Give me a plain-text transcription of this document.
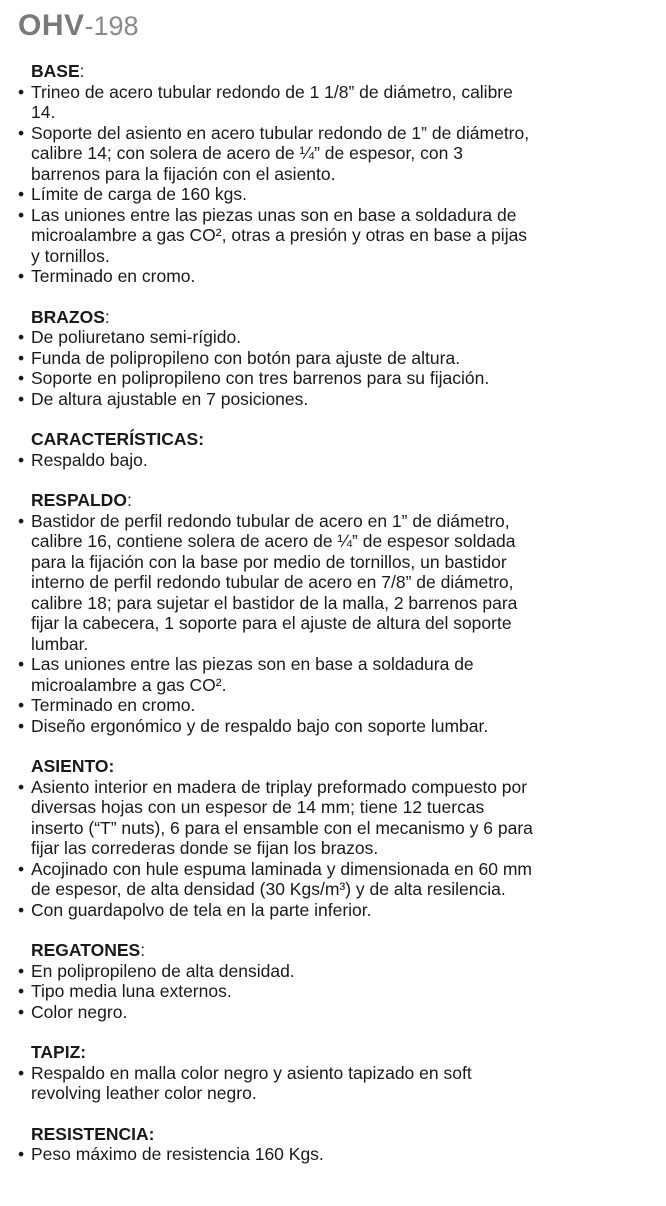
OHV-198
BASE:
• Trineo de acero tubular redondo de 1 1/8” de diámetro, calibre
14.
• Soporte del asiento en acero tubular redondo de 1” de diámetro,
calibre 14; con solera de acero de ¼” de espesor, con 3
barrenos para la fijación con el asiento.
• Límite de carga de 160 kgs.
• Las uniones entre las piezas unas son en base a soldadura de
microalambre a gas CO², otras a presión y otras en base a pijas
y tornillos.
• Terminado en cromo.
BRAZOS:
• De poliuretano semi-rígido.
• Funda de polipropileno con botón para ajuste de altura.
• Soporte en polipropileno con tres barrenos para su fijación.
• De altura ajustable en 7 posiciones.
CARACTERÍSTICAS:
• Respaldo bajo.
RESPALDO:
• Bastidor de perfil redondo tubular de acero en 1” de diámetro,
calibre 16, contiene solera de acero de ¼” de espesor soldada
para la fijación con la base por medio de tornillos, un bastidor
interno de perfil redondo tubular de acero en 7/8” de diámetro,
calibre 18; para sujetar el bastidor de la malla, 2 barrenos para
fijar la cabecera, 1 soporte para el ajuste de altura del soporte
lumbar.
• Las uniones entre las piezas son en base a soldadura de
microalambre a gas CO².
• Terminado en cromo.
• Diseño ergonómico y de respaldo bajo con soporte lumbar.
ASIENTO:
• Asiento interior en madera de triplay preformado compuesto por
diversas hojas con un espesor de 14 mm; tiene 12 tuercas
inserto (“T” nuts), 6 para el ensamble con el mecanismo y 6 para
fijar las correderas donde se fijan los brazos.
• Acojinado con hule espuma laminada y dimensionada en 60 mm
de espesor, de alta densidad (30 Kgs/m³) y de alta resilencia.
• Con guardapolvo de tela en la parte inferior.
REGATONES:
• En polipropileno de alta densidad.
• Tipo media luna externos.
• Color negro.
TAPIZ:
• Respaldo en malla color negro y asiento tapizado en soft
revolving leather color negro.
RESISTENCIA:
• Peso máximo de resistencia 160 Kgs.
